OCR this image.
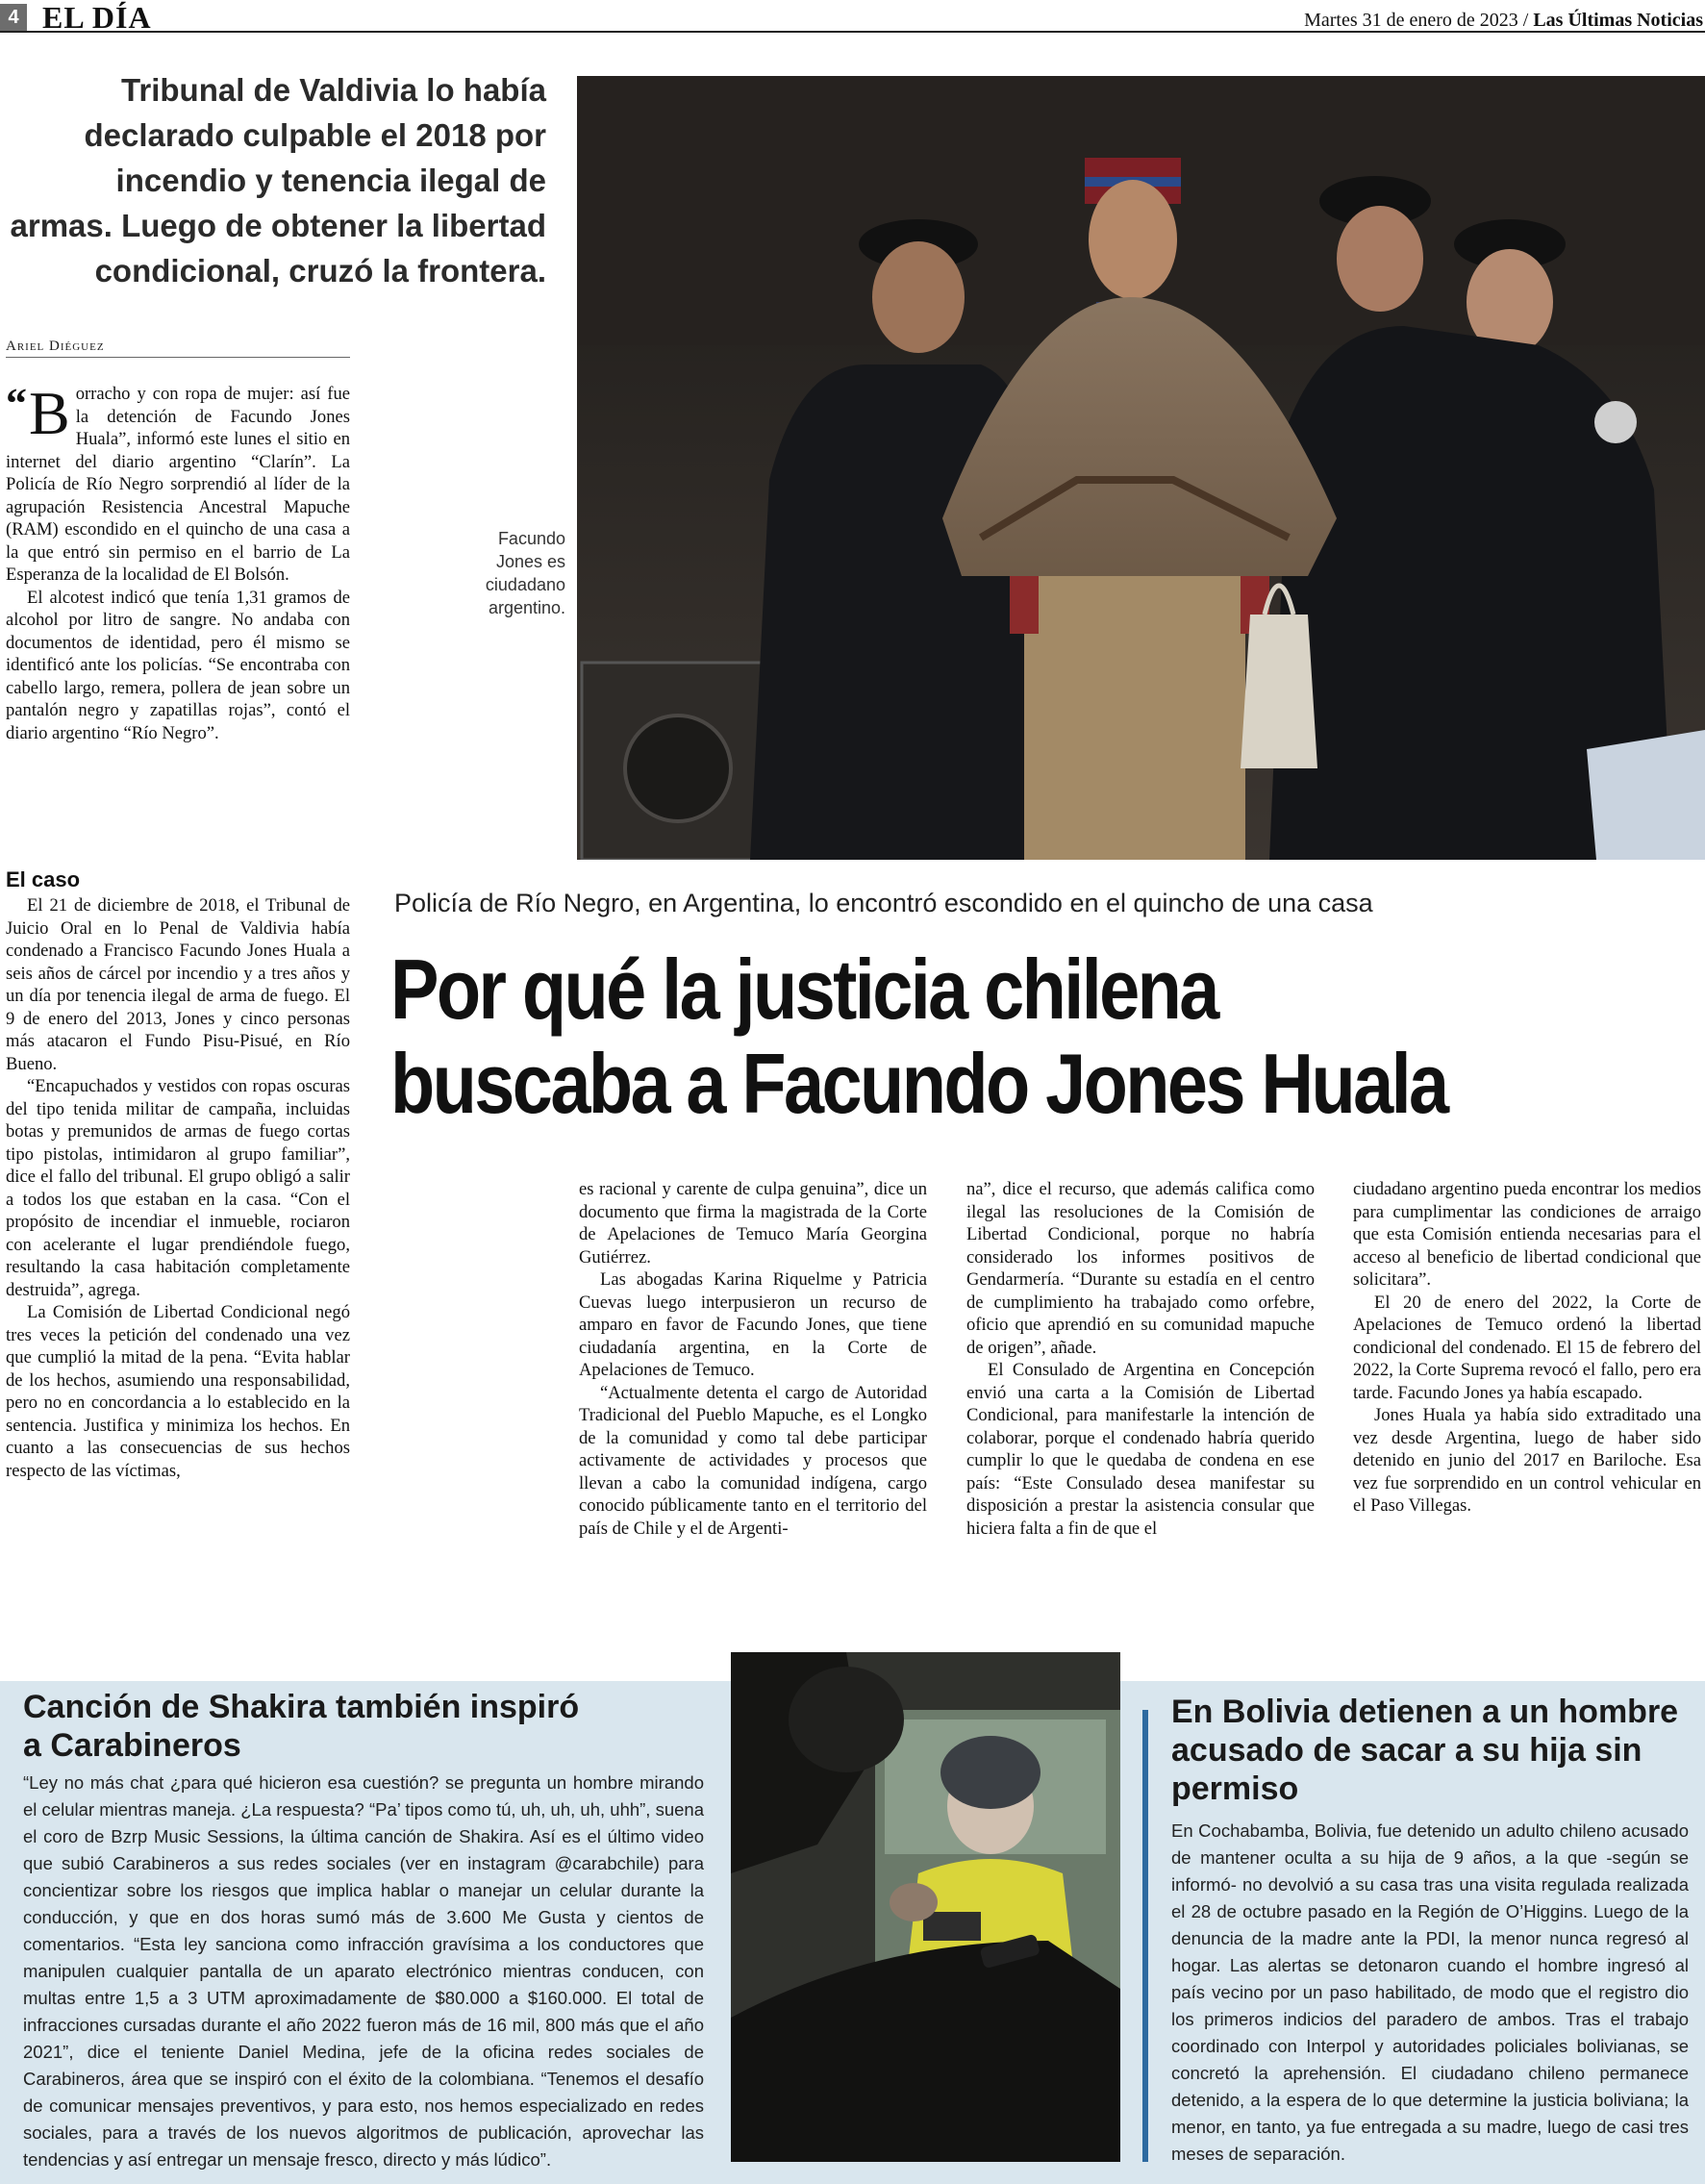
4 EL DÍA	Martes 31 de enero de 2023 / Las Últimas Noticias
Tribunal de Valdivia lo había declarado culpable el 2018 por incendio y tenencia ilegal de armas. Luego de obtener la libertad condicional, cruzó la frontera.
Ariel Diéguez

“ B orracho y con ropa de mujer: así fue la detención de Facundo Jones Huala”, informó este lunes el sitio en internet del diario argentino “Clarín”. La Policía de Río Negro sorprendió al líder de la agrupación Resistencia Ancestral Mapuche (RAM) escondido en el quincho de una casa a la que entró sin permiso en el barrio de La Esperanza de la localidad de El Bolsón.

El alcotest indicó que tenía 1,31 gramos de alcohol por litro de sangre. No andaba con documentos de identidad, pero él mismo se identificó ante los policías. “Se encontraba con cabello largo, remera, pollera de jean sobre un pantalón negro y zapatillas rojas”, contó el diario argentino “Río Negro”.

El caso

El 21 de diciembre de 2018, el Tribunal de Juicio Oral en lo Penal de Valdivia había condenado a Francisco Facundo Jones Huala a seis años de cárcel por incendio y a tres años y un día por tenencia ilegal de arma de fuego. El 9 de enero del 2013, Jones y cinco personas más atacaron el Fundo Pisu-Pisué, en Río Bueno.

“Encapuchados y vestidos con ropas oscuras del tipo tenida militar de campaña, incluidas botas y premunidos de armas de fuego cortas tipo pistolas, intimidaron al grupo familiar”, dice el fallo del tribunal. El grupo obligó a salir a todos los que estaban en la casa. “Con el propósito de incendiar el inmueble, rociaron con acelerante el lugar prendiéndole fuego, resultando la casa habitación completamente destruida”, agrega.

La Comisión de Libertad Condicional negó tres veces la petición del condenado una vez que cumplió la mitad de la pena. “Evita hablar de los hechos, asumiendo una responsabilidad, pero no en concordancia a lo establecido en la sentencia. Justifica y minimiza los hechos. En cuanto a las consecuencias de sus hechos respecto de las víctimas,

Facundo Jones es ciudadano argentino.
Policía de Río Negro, en Argentina, lo encontró escondido en el quincho de una casa
Por qué la justicia chilena
buscaba a Facundo Jones Huala

es racional y carente de culpa genuina”, dice un documento que firma la magistrada de la Corte de Apelaciones de Temuco María Georgina Gutiérrez.

Las abogadas Karina Riquelme y Patricia Cuevas luego interpusieron un recurso de amparo en favor de Facundo Jones, que tiene ciudadanía argentina, en la Corte de Apelaciones de Temuco.

“Actualmente detenta el cargo de Autoridad Tradicional del Pueblo Mapuche, es el Longko de la comunidad y como tal debe participar activamente de actividades y procesos que llevan a cabo la comunidad indígena, cargo conocido públicamente tanto en el territorio del país de Chile y el de Argenti-

na”, dice el recurso, que además califica como ilegal las resoluciones de la Comisión de Libertad Condicional, porque no habría considerado los informes positivos de Gendarmería. “Durante su estadía en el centro de cumplimiento ha trabajado como orfebre, oficio que aprendió en su comunidad mapuche de origen”, añade.

El Consulado de Argentina en Concepción envió una carta a la Comisión de Libertad Condicional, para manifestarle la intención de colaborar, porque el condenado habría querido cumplir lo que le quedaba de condena en ese país: “Este Consulado desea manifestar su disposición a prestar la asistencia consular que hiciera falta a fin de que el

ciudadano argentino pueda encontrar los medios para cumplimentar las condiciones de arraigo que esta Comisión entienda necesarias para el acceso al beneficio de libertad condicional que solicitara”.

El 20 de enero del 2022, la Corte de Apelaciones de Temuco ordenó la libertad condicional del condenado. El 15 de febrero del 2022, la Corte Suprema revocó el fallo, pero era tarde. Facundo Jones ya había escapado.

Jones Huala ya había sido extraditado una vez desde Argentina, luego de haber sido detenido en junio del 2017 en Bariloche. Esa vez fue sorprendido en un control vehicular en el Paso Villegas.

Canción de Shakira también inspiró a Carabineros
“Ley no más chat ¿para qué hicieron esa cuestión? se pregunta un hombre mirando el celular mientras maneja. ¿La respuesta? “Pa’ tipos como tú, uh, uh, uh, uhh”, suena el coro de Bzrp Music Sessions, la última canción de Shakira. Así es el último video que subió Carabineros a sus redes sociales (ver en instagram @carabchile) para concientizar sobre los riesgos que implica hablar o manejar un celular durante la conducción, y que en dos horas sumó más de 3.600 Me Gusta y cientos de comentarios. “Esta ley sanciona como infracción gravísima a los conductores que manipulen cualquier pantalla de un aparato electrónico mientras conducen, con multas entre 1,5 a 3 UTM aproximadamente de $80.000 a $160.000. El total de infracciones cursadas durante el año 2022 fueron más de 16 mil, 800 más que el año 2021”, dice el teniente Daniel Medina, jefe de la oficina redes sociales de Carabineros, área que se inspiró con el éxito de la colombiana. “Tenemos el desafío de comunicar mensajes preventivos, y para esto, nos hemos especializado en redes sociales, para a través de los nuevos algoritmos de publicación, aprovechar las tendencias y así entregar un mensaje fresco, directo y más lúdico”.
En Bolivia detienen a un hombre acusado de sacar a su hija sin permiso
En Cochabamba, Bolivia, fue detenido un adulto chileno acusado de mantener oculta a su hija de 9 años, a la que -según se informó- no devolvió a su casa tras una visita regulada realizada el 28 de octubre pasado en la Región de O’Higgins. Luego de la denuncia de la madre ante la PDI, la menor nunca regresó al hogar. Las alertas se detonaron cuando el hombre ingresó al país vecino por un paso habilitado, de modo que el registro dio los primeros indicios del paradero de ambos. Tras el trabajo coordinado con Interpol y autoridades policiales bolivianas, se concretó la aprehensión. El ciudadano chileno permanece detenido, a la espera de lo que determine la justicia boliviana; la menor, en tanto, ya fue entregada a su madre, luego de casi tres meses de separación.
